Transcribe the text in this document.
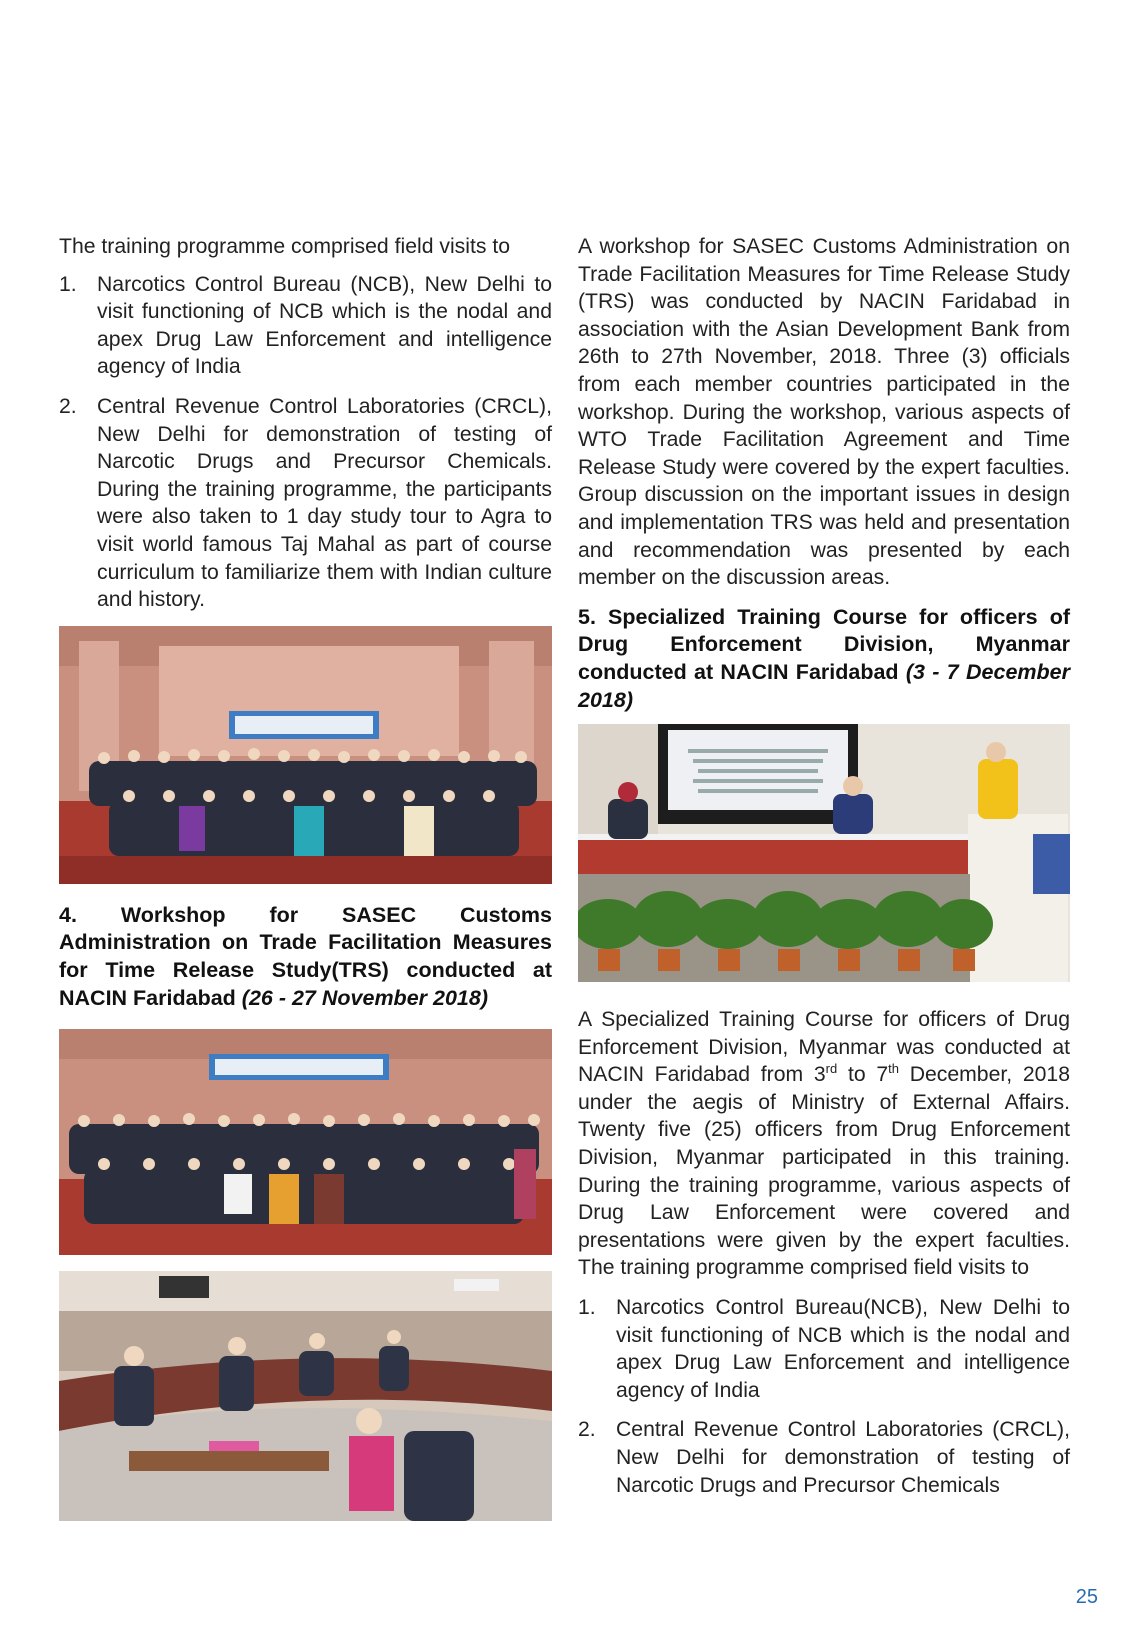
The training programme comprised field visits to

1. Narcotics Control Bureau (NCB), New Delhi to visit functioning of NCB which is the nodal and apex Drug Law Enforcement and intelligence agency of India
2. Central Revenue Control Laboratories (CRCL), New Delhi for demonstration of testing of Narcotic Drugs and Precursor Chemicals. During the training programme, the participants were also taken to 1 day study tour to Agra to visit world famous Taj Mahal as part of course curriculum to familiarize them with Indian culture and history.

4. Workshop for SASEC Customs Administration on Trade Facilitation Measures for Time Release Study(TRS) conducted at NACIN Faridabad (26 - 27 November 2018)

A workshop for SASEC Customs Administration on Trade Facilitation Measures for Time Release Study (TRS) was conducted by NACIN Faridabad in association with the Asian Development Bank from 26th to 27th November, 2018. Three (3) officials from each member countries participated in the workshop. During the workshop, various aspects of WTO Trade Facilitation Agreement and Time Release Study were covered by the expert faculties. Group discussion on the important issues in design and implementation TRS was held and presentation and recommendation was presented by each member on the discussion areas.

5. Specialized Training Course for officers of Drug Enforcement Division, Myanmar conducted at NACIN Faridabad (3 - 7 December 2018)

A Specialized Training Course for officers of Drug Enforcement Division, Myanmar was conducted at NACIN Faridabad from 3rd to 7th December, 2018 under the aegis of Ministry of External Affairs. Twenty five (25) officers from Drug Enforcement Division, Myanmar participated in this training. During the training programme, various aspects of Drug Law Enforcement were covered and presentations were given by the expert faculties. The training programme comprised field visits to

1. Narcotics Control Bureau(NCB), New Delhi to visit functioning of NCB which is the nodal and apex Drug Law Enforcement and intelligence agency of India
2. Central Revenue Control Laboratories (CRCL), New Delhi for demonstration of testing of Narcotic Drugs and Precursor Chemicals
25
